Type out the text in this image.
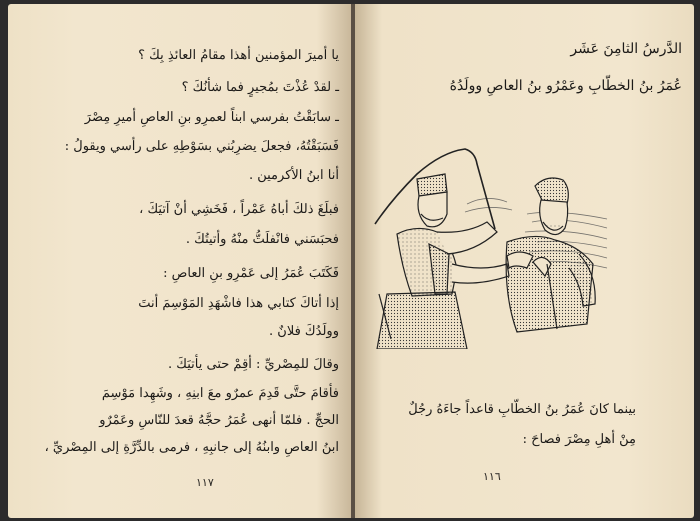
يا أميرَ المؤمنين أهذا مقامُ العائذِ بِكَ ؟
ـ لقدْ عُذْتَ بمُجيرٍ فما شأنُكَ ؟
ـ سابَقْتُ بفرسي ابناً لعمرِو بنِ العاصِ أميرِ مِصْرَ
فَسَبَقْتُهُ، فجعلَ يضرِبُني بسَوْطِهِ على رأسي ويقولُ :
أنا ابنُ الأكرمين .
فبلَغَ ذلكَ أباهُ عَمْراً ، فَخَشِي أنْ آتيَكَ ،
فحبَسَني فانْفلَتُّ منْهُ وأتيتُكَ .
فَكَتَبَ عُمَرُ إلى عَمْرِو بنِ العاصِ :
إذا أتاكَ كتابي هذا فاشْهَدِ المَوْسِمَ أنتَ
وولَدُكَ فلانٌ .
وقالَ للمِصْريِّ : أقِمْ حتى يأتيَكَ .
فأقامَ حتَّى قَدِمَ عمرٌو معَ ابنِهِ ، وشَهِدا مَوْسِمَ
الحجِّ . فلمّا أنهى عُمَرُ حجَّهُ قعدَ للنّاسِ وعَمْرٌو
ابنُ العاصِ وابنُهُ إلى جانبِهِ ، فرمى بالدِّرَّةِ إلى المِصْريِّ ،
١١٧
الدَّرسُ الثامِنَ عَشَر
عُمَرُ بنُ الخطّابِ وعَمْرُو بنُ العاصِ وولَدُهُ
بينما كانَ عُمَرُ بنُ الخطّابِ قاعداً جاءَهُ رجُلٌ
مِنْ أهلِ مِصْرَ فصاحَ :
١١٦
